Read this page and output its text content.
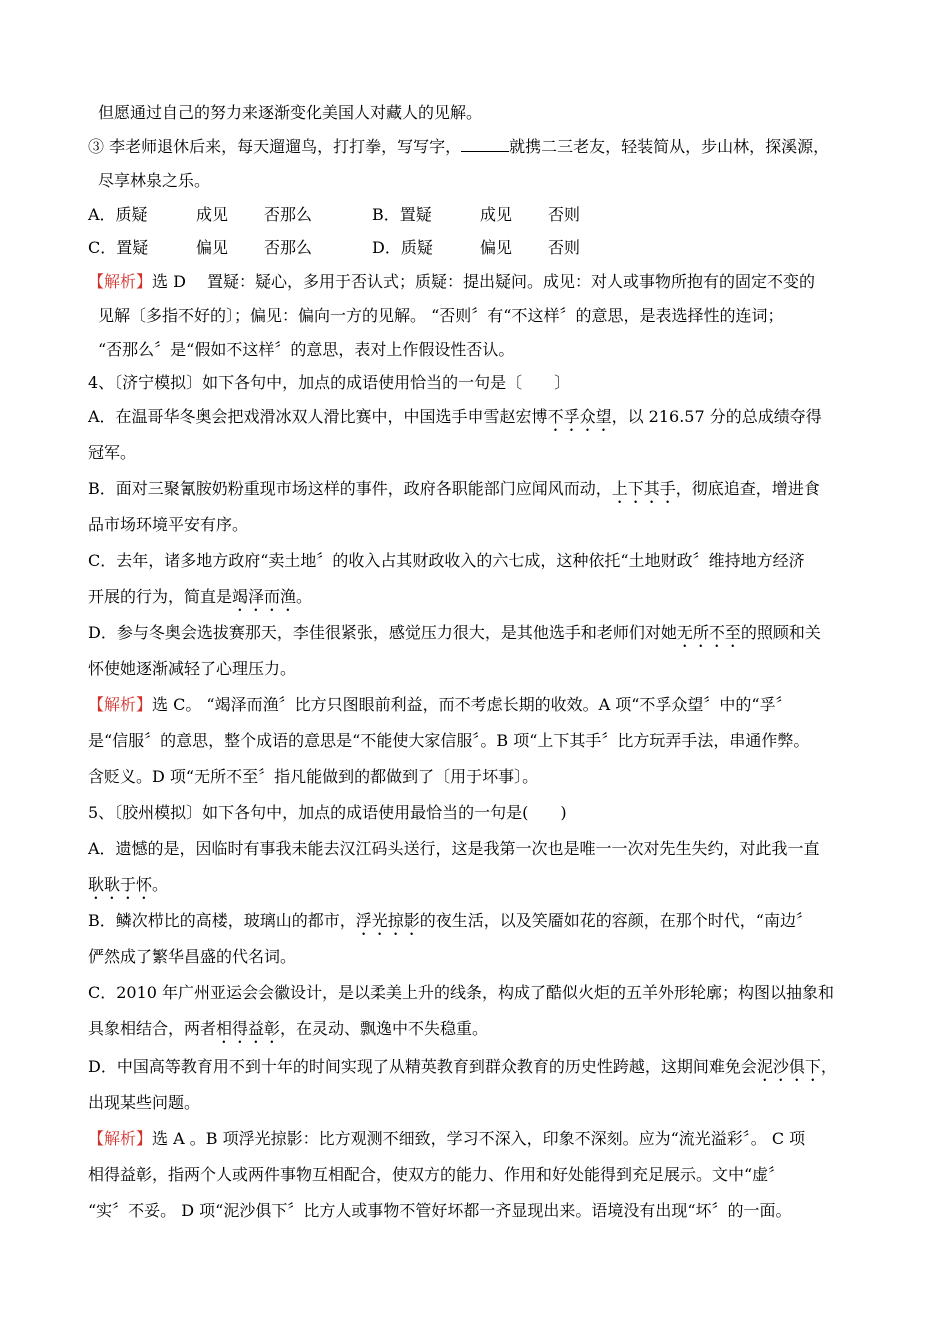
但愿通过自己的努力来逐渐变化美国人对藏人的见解。
③ 李老师退休后来，每天遛遛鸟，打打拳，写写字，	就携二三老友，轻装简从，步山林，探溪源，
尽享林泉之乐。
A．质疑	成见 否那么	B．置疑	成见 否则
C．置疑	偏见 否那么	D．质疑	偏见 否则
【解析】选 D　 置疑：疑心，多用于否认式；质疑：提出疑问。成见：对人或事物所抱有的固定不变的
见解〔多指不好的〕；偏见：偏向一方的见解。 “否则〞有“不这样〞的意思，是表选择性的连词；
“否那么〞是“假如不这样〞的意思，表对上作假设性否认。
4、〔济宁模拟〕如下各句中，加点的成语使用恰当的一句是〔　　〕
A．在温哥华冬奥会把戏滑冰双人滑比赛中，中国选手申雪赵宏博不孚众望，以 216.57 分的总成绩夺得
冠军。
B．面对三聚氰胺奶粉重现市场这样的事件，政府各职能部门应闻风而动，上下其手，彻底追查，增进食
品市场环境平安有序。
C．去年，诸多地方政府“卖土地〞的收入占其财政收入的六七成，这种依托“土地财政〞维持地方经济
开展的行为，简直是竭泽而渔。
D．参与冬奥会选拔赛那天，李佳很紧张，感觉压力很大，是其他选手和老师们对她无所不至的照顾和关
怀使她逐渐减轻了心理压力。
【解析】选 C。 “竭泽而渔〞比方只图眼前利益，而不考虑长期的收效。A 项“不孚众望〞中的“孚〞
是“信服〞的意思，整个成语的意思是“不能使大家信服〞。B 项“上下其手〞比方玩弄手法，串通作弊。
含贬义。D 项“无所不至〞指凡能做到的都做到了〔用于坏事〕。
5、〔胶州模拟〕如下各句中，加点的成语使用最恰当的一句是(　　)
A．遗憾的是，因临时有事我未能去汉江码头送行，这是我第一次也是唯一一次对先生失约，对此我一直
耿耿于怀。
B．鳞次栉比的高楼，玻璃山的都市，浮光掠影的夜生活，以及笑靥如花的容颜，在那个时代，“南边〞
俨然成了繁华昌盛的代名词。
C．2010 年广州亚运会会徽设计，是以柔美上升的线条，构成了酷似火炬的五羊外形轮廓；构图以抽象和
具象相结合，两者相得益彰，在灵动、飘逸中不失稳重。
D．中国高等教育用不到十年的时间实现了从精英教育到群众教育的历史性跨越，这期间难免会泥沙俱下，
出现某些问题。
【解析】选 A 。B 项浮光掠影：比方观测不细致，学习不深入，印象不深刻。应为“流光溢彩〞。 C 项
相得益彰，指两个人或两件事物互相配合，使双方的能力、作用和好处能得到充足展示。文中“虚〞
“实〞不妥。 D 项“泥沙俱下〞比方人或事物不管好坏都一齐显现出来。语境没有出现“坏〞的一面。
